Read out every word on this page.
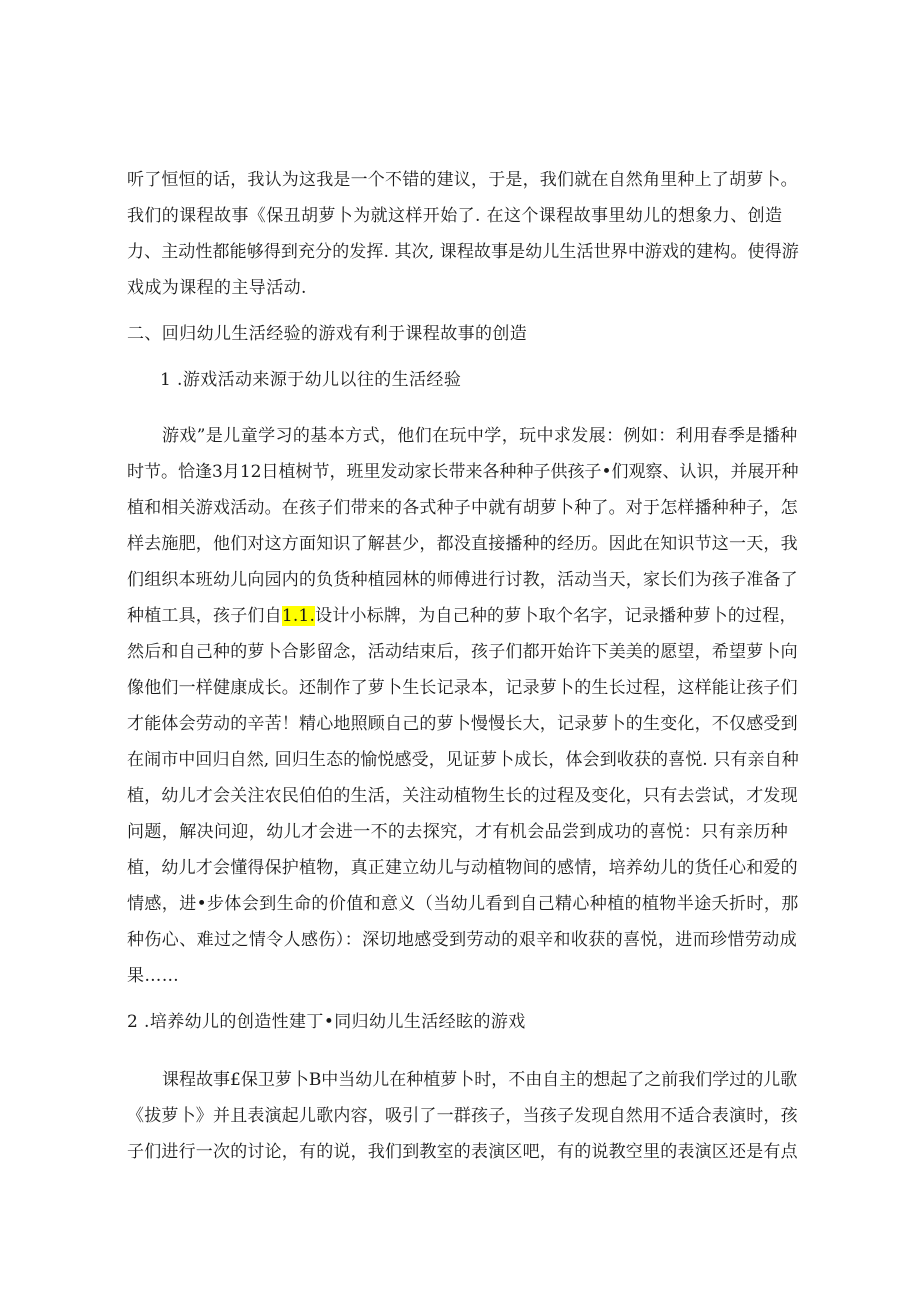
听了恒恒的话，我认为这我是一个不错的建议，于是，我们就在自然角里种上了胡萝卜。
我们的课程故事《保丑胡萝卜为就这样开始了. 在这个课程故事里幼儿的想象力、创造
力、主动性都能够得到充分的发挥. 其次, 课程故事是幼儿生活世界中游戏的建构。使得游
戏成为课程的主导活动.
二、回归幼儿生活经验的游戏有利于课程故事的创造
1 .游戏活动来源于幼儿以往的生活经验
游戏”是儿童学习的基本方式，他们在玩中学，玩中求发展：例如：利用春季是播种
时节。恰逢3月12日植树节，班里发动家长带来各种种子供孩子•们观察、认识，并展开种
植和相关游戏活动。在孩子们带来的各式种子中就有胡萝卜种了。对于怎样播种种子，怎
样去施肥，他们对这方面知识了解甚少，都没直接播种的经历。因此在知识节这一天，我
们组织本班幼儿向园内的负货种植园林的师傅进行讨教，活动当天，家长们为孩子准备了
种植工具，孩子们自1.1.设计小标牌，为自己种的萝卜取个名字，记录播种萝卜的过程，
然后和自己种的萝卜合影留念，活动结束后，孩子们都开始许下美美的愿望，希望萝卜向
像他们一样健康成长。还制作了萝卜生长记录本，记录萝卜的生长过程，这样能让孩子们
才能体会劳动的辛苦！精心地照顾自己的萝卜慢慢长大，记录萝卜的生变化，不仅感受到
在闹市中回归自然, 回归生态的愉悦感受，见证萝卜成长，体会到收获的喜悦. 只有亲自种
植，幼儿才会关注农民伯伯的生活，关注动植物生长的过程及变化，只有去尝试，才发现
问题，解决问迎，幼儿才会进一不的去探究，才有机会品尝到成功的喜悦：只有亲历种
植，幼儿才会懂得保护植物，真正建立幼儿与动植物间的感情，培养幼儿的货任心和爱的
情感，进•步体会到生命的价值和意义（当幼儿看到自己精心种植的植物半途夭折时，那
种伤心、难过之情令人感伤）：深切地感受到劳动的艰辛和收获的喜悦，进而珍惜劳动成
果……
2 .培养幼儿的创造性建丁•同归幼儿生活经眩的游戏
课程故事£保卫萝卜B中当幼儿在种植萝卜时，不由自主的想起了之前我们学过的儿歌
《拔萝卜》并且表演起儿歌内容，吸引了一群孩子，当孩子发现自然用不适合表演时，孩
子们进行一次的讨论，有的说，我们到教室的表演区吧，有的说教空里的表演区还是有点
